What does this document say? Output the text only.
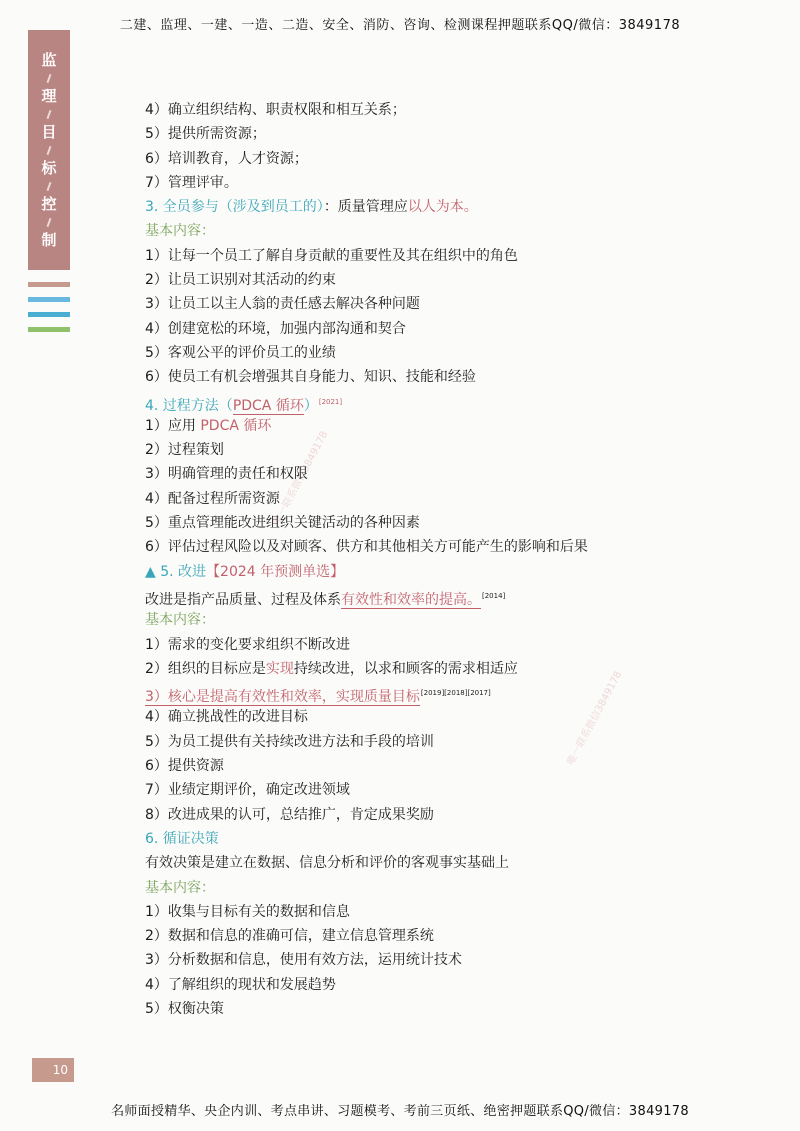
二建、监理、一建、一造、二造、安全、消防、咨询、检测课程押题联系QQ/微信：3849178
监
理
目
标
控
制
唯一联系微信3849178
唯一联系微信3849178
4）确立组织结构、职责权限和相互关系；
5）提供所需资源；
6）培训教育，人才资源；
7）管理评审。
3. 全员参与（涉及到员工的）：质量管理应以人为本。
基本内容：
1）让每一个员工了解自身贡献的重要性及其在组织中的角色
2）让员工识别对其活动的约束
3）让员工以主人翁的责任感去解决各种问题
4）创建宽松的环境，加强内部沟通和契合
5）客观公平的评价员工的业绩
6）使员工有机会增强其自身能力、知识、技能和经验
4. 过程方法（PDCA 循环）[2021]
1）应用 PDCA 循环
2）过程策划
3）明确管理的责任和权限
4）配备过程所需资源
5）重点管理能改进组织关键活动的各种因素
6）评估过程风险以及对顾客、供方和其他相关方可能产生的影响和后果
▲ 5. 改进【2024 年预测单选】
改进是指产品质量、过程及体系有效性和效率的提高。[2014]
基本内容：
1）需求的变化要求组织不断改进
2）组织的目标应是实现持续改进，以求和顾客的需求相适应
3）核心是提高有效性和效率，实现质量目标[2019][2018][2017]
4）确立挑战性的改进目标
5）为员工提供有关持续改进方法和手段的培训
6）提供资源
7）业绩定期评价，确定改进领域
8）改进成果的认可，总结推广，肯定成果奖励
6. 循证决策
有效决策是建立在数据、信息分析和评价的客观事实基础上
基本内容：
1）收集与目标有关的数据和信息
2）数据和信息的准确可信，建立信息管理系统
3）分析数据和信息，使用有效方法，运用统计技术
4）了解组织的现状和发展趋势
5）权衡决策
10
名师面授精华、央企内训、考点串讲、习题模考、考前三页纸、绝密押题联系QQ/微信：3849178
